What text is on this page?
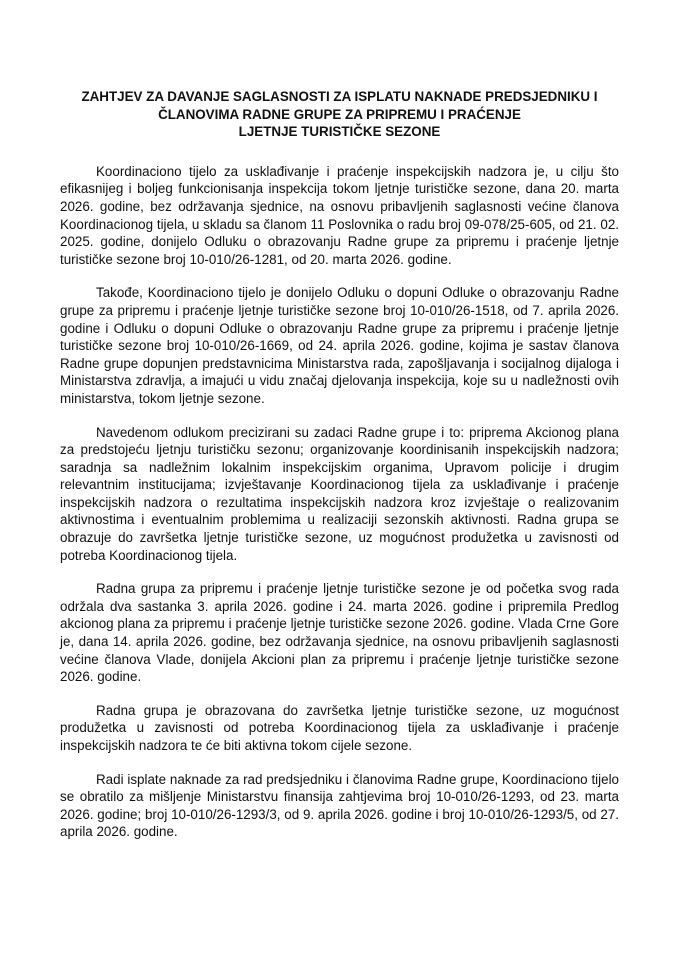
ZAHTJEV ZA DAVANJE SAGLASNOSTI ZA ISPLATU NAKNADE PREDSJEDNIKU I
ČLANOVIMA RADNE GRUPE ZA PRIPREMU I PRAĆENJE
LJETNJE TURISTIČKE SEZONE

Koordinaciono tijelo za usklađivanje i praćenje inspekcijskih nadzora je, u cilju što efikasnijeg i boljeg funkcionisanja inspekcija tokom ljetnje turističke sezone, dana 20. marta 2026. godine, bez održavanja sjednice, na osnovu pribavljenih saglasnosti većine članova Koordinacionog tijela, u skladu sa članom 11 Poslovnika o radu broj 09-078/25-605, od 21. 02. 2025. godine, donijelo Odluku o obrazovanju Radne grupe za pripremu i praćenje ljetnje turističke sezone broj 10-010/26-1281, od 20. marta 2026. godine.

Takođe, Koordinaciono tijelo je donijelo Odluku o dopuni Odluke o obrazovanju Radne grupe za pripremu i praćenje ljetnje turističke sezone broj 10-010/26-1518, od 7. aprila 2026. godine i Odluku o dopuni Odluke o obrazovanju Radne grupe za pripremu i praćenje ljetnje turističke sezone broj 10-010/26-1669, od 24. aprila 2026. godine, kojima je sastav članova Radne grupe dopunjen predstavnicima Ministarstva rada, zapošljavanja i socijalnog dijaloga i Ministarstva zdravlja, a imajući u vidu značaj djelovanja inspekcija, koje su u nadležnosti ovih ministarstva, tokom ljetnje sezone.

Navedenom odlukom precizirani su zadaci Radne grupe i to: priprema Akcionog plana za predstojeću ljetnju turističku sezonu; organizovanje koordinisanih inspekcijskih nadzora; saradnja sa nadležnim lokalnim inspekcijskim organima, Upravom policije i drugim relevantnim institucijama; izvještavanje Koordinacionog tijela za usklađivanje i praćenje inspekcijskih nadzora o rezultatima inspekcijskih nadzora kroz izvještaje o realizovanim aktivnostima i eventualnim problemima u realizaciji sezonskih aktivnosti. Radna grupa se obrazuje do završetka ljetnje turističke sezone, uz mogućnost produžetka u zavisnosti od potreba Koordinacionog tijela.

Radna grupa za pripremu i praćenje ljetnje turističke sezone je od početka svog rada održala dva sastanka 3. aprila 2026. godine i 24. marta 2026. godine i pripremila Predlog akcionog plana za pripremu i praćenje ljetnje turističke sezone 2026. godine. Vlada Crne Gore je, dana 14. aprila 2026. godine, bez održavanja sjednice, na osnovu pribavljenih saglasnosti većine članova Vlade, donijela Akcioni plan za pripremu i praćenje ljetnje turističke sezone 2026. godine.

Radna grupa je obrazovana do završetka ljetnje turističke sezone, uz mogućnost produžetka u zavisnosti od potreba Koordinacionog tijela za usklađivanje i praćenje inspekcijskih nadzora te će biti aktivna tokom cijele sezone.

Radi isplate naknade za rad predsjedniku i članovima Radne grupe, Koordinaciono tijelo se obratilo za mišljenje Ministarstvu finansija zahtjevima broj 10-010/26-1293, od 23. marta 2026. godine; broj 10-010/26-1293/3, od 9. aprila 2026. godine i broj 10-010/26-1293/5, od 27. aprila 2026. godine.
